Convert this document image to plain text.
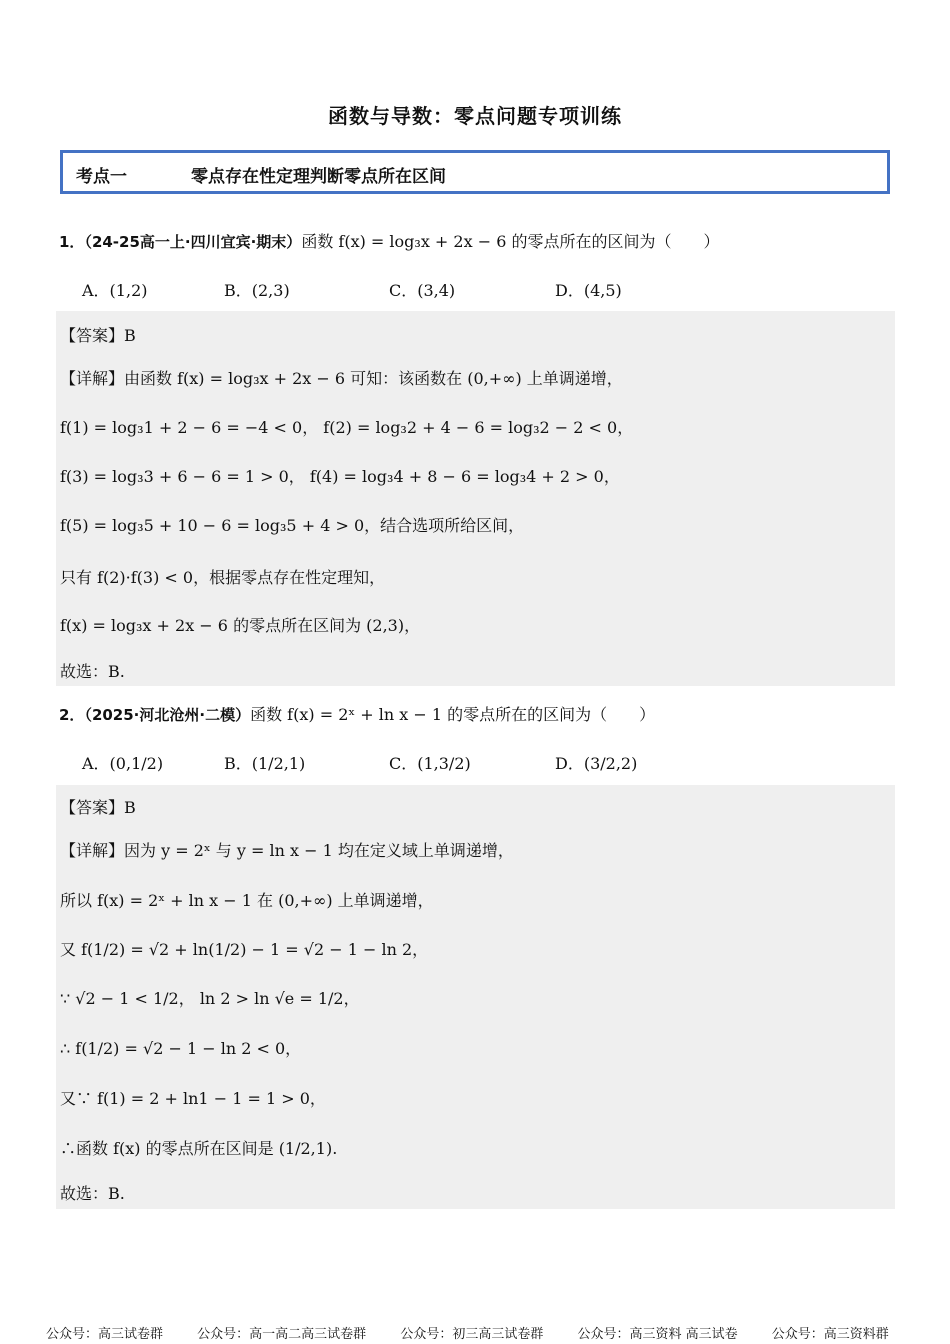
函数与导数：零点问题专项训练
考点一	零点存在性定理判断零点所在区间
1．（24-25高一上·四川宜宾·期末）函数 f(x) = log₃x + 2x − 6 的零点所在的区间为（　　）
A．(1,2)	B．(2,3)	C．(3,4)	D．(4,5)
【答案】B
【详解】由函数 f(x) = log₃x + 2x − 6 可知：该函数在 (0,+∞) 上单调递增，
f(1) = log₃1 + 2 − 6 = −4 < 0， f(2) = log₃2 + 4 − 6 = log₃2 − 2 < 0，
f(3) = log₃3 + 6 − 6 = 1 > 0， f(4) = log₃4 + 8 − 6 = log₃4 + 2 > 0，
f(5) = log₃5 + 10 − 6 = log₃5 + 4 > 0，结合选项所给区间，
只有 f(2)·f(3) < 0，根据零点存在性定理知，
f(x) = log₃x + 2x − 6 的零点所在区间为 (2,3)，
故选：B.
2．（2025·河北沧州·二模）函数 f(x) = 2ˣ + ln x − 1 的零点所在的区间为（　　）
A．(0,1/2)	B．(1/2,1)	C．(1,3/2)	D．(3/2,2)
【答案】B
【详解】因为 y = 2ˣ 与 y = ln x − 1 均在定义域上单调递增，
所以 f(x) = 2ˣ + ln x − 1 在 (0,+∞) 上单调递增，
又 f(1/2) = √2 + ln(1/2) − 1 = √2 − 1 − ln 2，
∵ √2 − 1 < 1/2， ln 2 > ln √e = 1/2，
∴ f(1/2) = √2 − 1 − ln 2 < 0，
又∵ f(1) = 2 + ln1 − 1 = 1 > 0，
∴函数 f(x) 的零点所在区间是 (1/2,1).
故选：B.
公众号：高三试卷群	公众号：高一高二高三试卷群	公众号：初三高三试卷群	公众号：高三资料 高三试卷	公众号：高三资料群
